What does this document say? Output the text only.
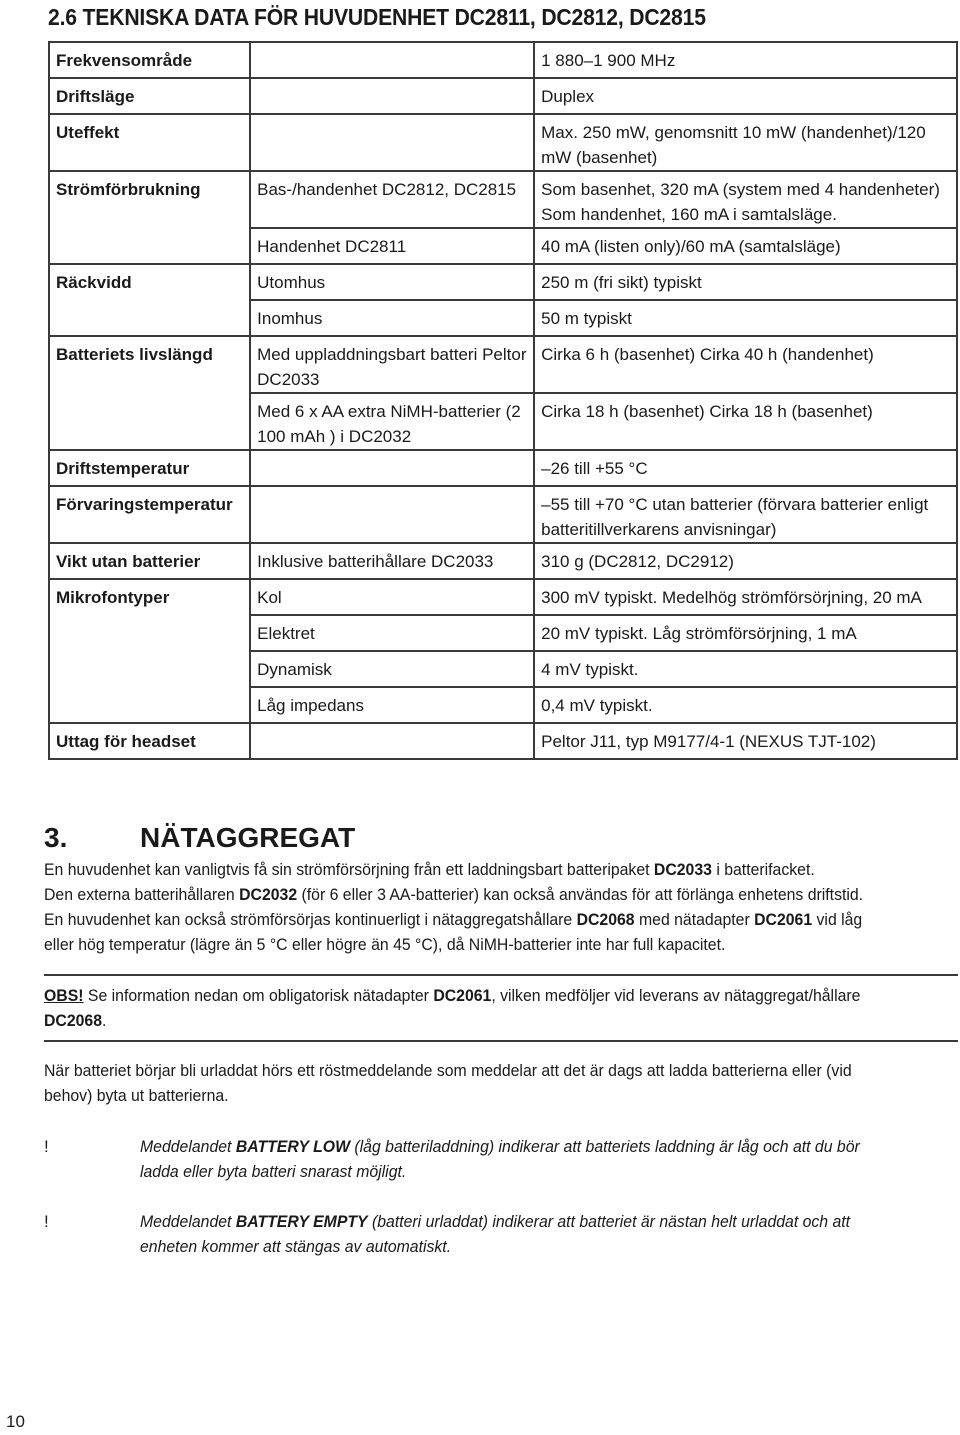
2.6 TEKNISKA DATA FÖR HUVUDENHET DC2811, DC2812, DC2815
Frekvensområde		1 880–1 900 MHz
Driftsläge		Duplex
Uteffekt		Max. 250 mW, genomsnitt 10 mW (handenhet)/120 mW (basenhet)
Strömförbrukning	Bas-/handenhet DC2812, DC2815	Som basenhet, 320 mA (system med 4 handenheter) Som handenhet, 160 mA i samtalsläge.
	Handenhet DC2811	40 mA (listen only)/60 mA (samtalsläge)
Räckvidd	Utomhus	250 m (fri sikt) typiskt
	Inomhus	50 m typiskt
Batteriets livslängd	Med uppladdningsbart batteri Peltor DC2033	Cirka 6 h (basenhet) Cirka 40 h (handenhet)
	Med 6 x AA extra NiMH-batterier (2 100 mAh ) i DC2032	Cirka 18 h (basenhet) Cirka 18 h (basenhet)
Driftstemperatur		–26 till +55 °C
Förvaringstemperatur		–55 till +70 °C utan batterier (förvara batterier enligt batteritillverkarens anvisningar)
Vikt utan batterier	Inklusive batterihållare DC2033	310 g (DC2812, DC2912)
Mikrofontyper	Kol	300 mV typiskt. Medelhög strömförsörjning, 20 mA
	Elektret	20 mV typiskt. Låg strömförsörjning, 1 mA
	Dynamisk	4 mV typiskt.
	Låg impedans	0,4 mV typiskt.
Uttag för headset		Peltor J11, typ M9177/4-1 (NEXUS TJT-102)
3.	NÄTAGGREGAT
En huvudenhet kan vanligtvis få sin strömförsörjning från ett laddningsbart batteripaket DC2033 i batterifacket.
Den externa batterihållaren DC2032 (för 6 eller 3 AA-batterier) kan också användas för att förlänga enhetens driftstid.
En huvudenhet kan också strömförsörjas kontinuerligt i nätaggregatshållare DC2068 med nätadapter DC2061 vid låg
eller hög temperatur (lägre än 5 °C eller högre än 45 °C), då NiMH-batterier inte har full kapacitet.
OBS! Se information nedan om obligatorisk nätadapter DC2061, vilken medföljer vid leverans av nätaggregat/hållare
DC2068.
När batteriet börjar bli urladdat hörs ett röstmeddelande som meddelar att det är dags att ladda batterierna eller (vid
behov) byta ut batterierna.
!	Meddelandet BATTERY LOW (låg batteriladdning) indikerar att batteriets laddning är låg och att du bör
ladda eller byta batteri snarast möjligt.
!	Meddelandet BATTERY EMPTY (batteri urladdat) indikerar att batteriet är nästan helt urladdat och att
enheten kommer att stängas av automatiskt.
10
